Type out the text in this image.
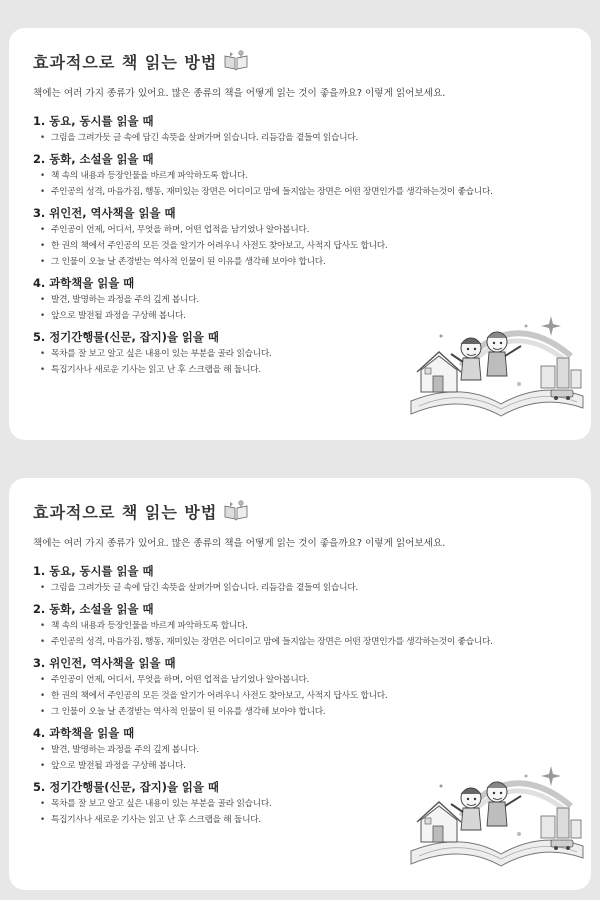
효과적으로 책 읽는 방법
책에는 여러 가지 종류가 있어요. 많은 종류의 책을 어떻게 읽는 것이 좋을까요? 이렇게 읽어보세요.
1. 동요, 동시를 읽을 때
• 그림을 그려가듯 글 속에 담긴 속뜻을 살펴가며 읽습니다. 리듬감을 곁들여 읽습니다.
2. 동화, 소설을 읽을 때
• 책 속의 내용과 등장인물을 바르게 파악하도록 합니다.
• 주인공의 성격, 마음가짐, 행동, 재미있는 장면은 어디이고 맘에 들지않는 장면은 어떤 장면인가를 생각하는것이 좋습니다.
3. 위인전, 역사책을 읽을 때
• 주인공이 언제, 어디서, 무엇을 하며, 어떤 업적을 남기었나 알아봅니다.
• 한 권의 책에서 주인공의 모든 것을 알기가 어려우니 사전도 찾아보고, 사적지 답사도 합니다.
• 그 인물이 오늘 날 존경받는 역사적 인물이 된 이유를 생각해 보아야 합니다.
4. 과학책을 읽을 때
• 발견, 발명하는 과정을 주의 깊게 봅니다.
• 앞으로 발전될 과정을 구상해 봅니다.
5. 정기간행물(신문, 잡지)을 읽을 때
• 목차를 잘 보고 알고 싶은 내용이 있는 부분을 골라 읽습니다.
• 특집기사나 새로운 기사는 읽고 난 후 스크랩을 해 둡니다.
효과적으로 책 읽는 방법
책에는 여러 가지 종류가 있어요. 많은 종류의 책을 어떻게 읽는 것이 좋을까요? 이렇게 읽어보세요.
1. 동요, 동시를 읽을 때
• 그림을 그려가듯 글 속에 담긴 속뜻을 살펴가며 읽습니다. 리듬감을 곁들여 읽습니다.
2. 동화, 소설을 읽을 때
• 책 속의 내용과 등장인물을 바르게 파악하도록 합니다.
• 주인공의 성격, 마음가짐, 행동, 재미있는 장면은 어디이고 맘에 들지않는 장면은 어떤 장면인가를 생각하는것이 좋습니다.
3. 위인전, 역사책을 읽을 때
• 주인공이 언제, 어디서, 무엇을 하며, 어떤 업적을 남기었나 알아봅니다.
• 한 권의 책에서 주인공의 모든 것을 알기가 어려우니 사전도 찾아보고, 사적지 답사도 합니다.
• 그 인물이 오늘 날 존경받는 역사적 인물이 된 이유를 생각해 보아야 합니다.
4. 과학책을 읽을 때
• 발견, 발명하는 과정을 주의 깊게 봅니다.
• 앞으로 발전될 과정을 구상해 봅니다.
5. 정기간행물(신문, 잡지)을 읽을 때
• 목차를 잘 보고 알고 싶은 내용이 있는 부분을 골라 읽습니다.
• 특집기사나 새로운 기사는 읽고 난 후 스크랩을 해 둡니다.
